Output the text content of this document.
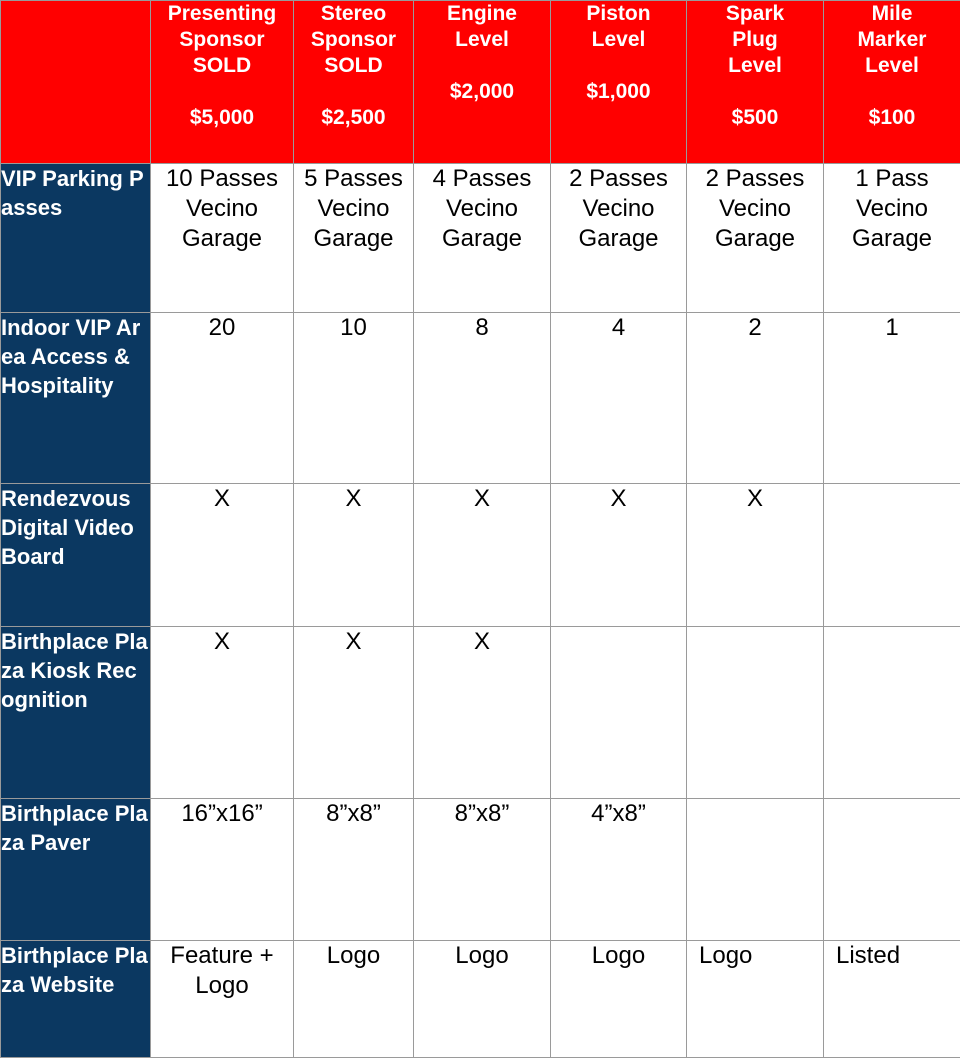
	Presenting
Sponsor
SOLD
$5,000	Stereo
Sponsor
SOLD
$2,500	Engine
Level
$2,000	Piston
Level
$1,000	Spark
Plug
Level
$500	Mile
Marker
Level
$100

VIP Parking Passes	10 Passes Vecino Garage	5 Passes Vecino Garage	4 Passes Vecino Garage	2 Passes Vecino Garage	2 Passes Vecino Garage	1 Pass Vecino Garage
Indoor VIP Area Access & Hospitality	20	10	8	4	2	1
Rendezvous Digital Video Board	X	X	X	X	X	
Birthplace Plaza Kiosk Recognition	X	X	X			
Birthplace Plaza Paver	16”x16”	8”x8”	8”x8”	4”x8”		
Birthplace Plaza Website	Feature + Logo	Logo	Logo	Logo	Logo	Listed
